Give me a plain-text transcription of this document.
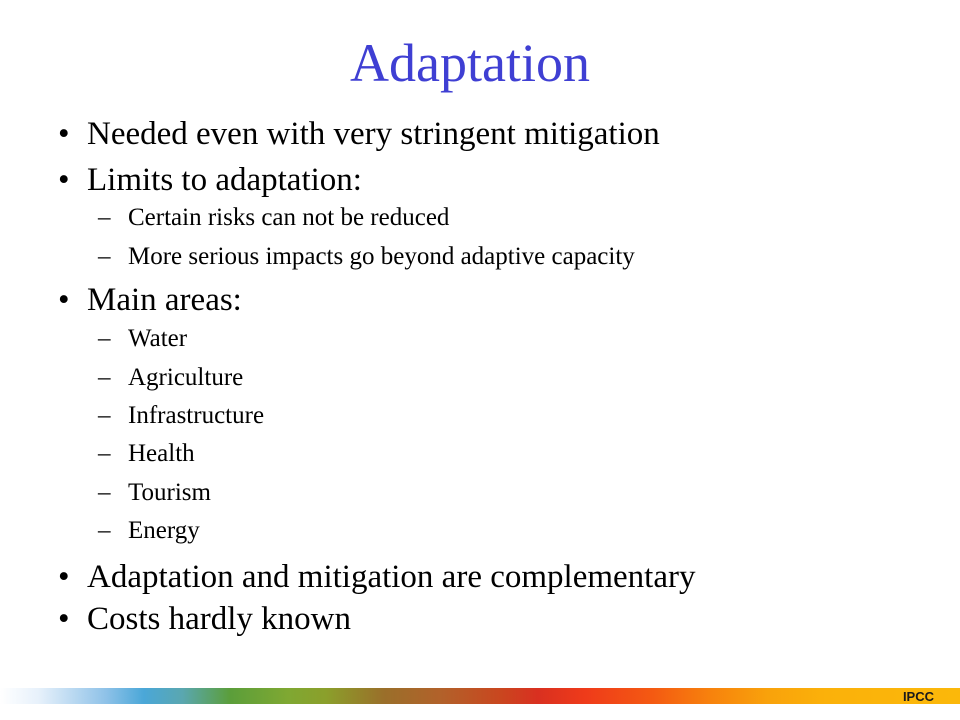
Adaptation
• Needed even with very stringent mitigation
• Limits to adaptation:
– Certain risks can not be reduced
– More serious impacts go beyond adaptive capacity
• Main areas:
– Water
– Agriculture
– Infrastructure
– Health
– Tourism
– Energy
• Adaptation and mitigation are complementary
• Costs hardly known
IPCC
